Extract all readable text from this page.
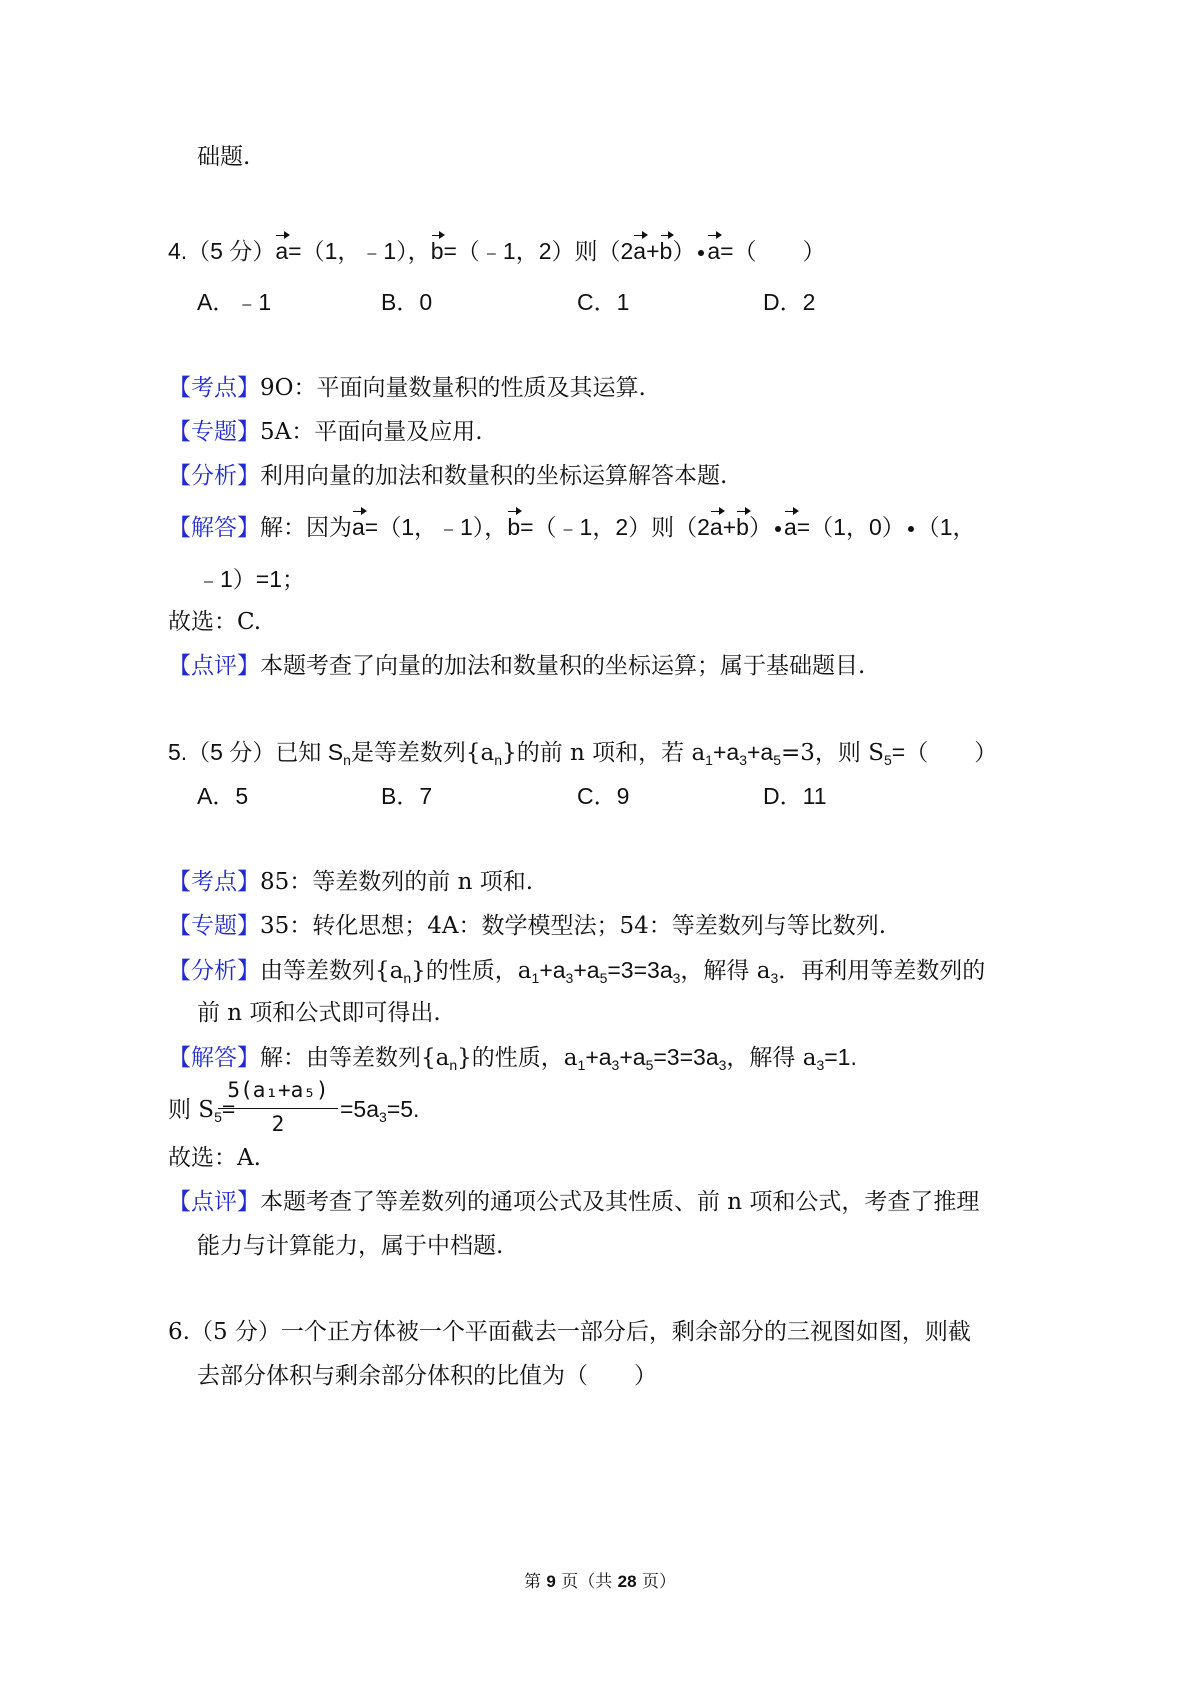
础题.
4.（5 分）a=（1，﹣1），b=（﹣1，2）则（2a+b） a=（　　）
A．﹣1	B．0	C．1	D．2
【考点】9O：平面向量数量积的性质及其运算.
【专题】5A：平面向量及应用.
【分析】利用向量的加法和数量积的坐标运算解答本题.
【解答】解：因为a=（1，﹣1），b=（﹣1，2）则（2a+b） a=（1，0） （1，
﹣1）=1；
故选：C.
【点评】本题考查了向量的加法和数量积的坐标运算；属于基础题目.
5.（5 分）已知 $S_n$是等差数列$\{a_n\}$的前 n 项和，若 $a_1+a_3+a_5=3$，则 $S_5=$（　　）
A．5	B．7	C．9	D．11
【考点】85：等差数列的前 n 项和.
【专题】35：转化思想；4A：数学模型法；54：等差数列与等比数列.
【分析】由等差数列$\{a_n\}$的性质，$a_1+a_3+a_5=3=3a_3$，解得 $a_3$．再利用等差数列的
前 n 项和公式即可得出.
【解答】解：由等差数列$\{a_n\}$的性质，$a_1+a_3+a_5=3=3a_3$，解得 $a_3=1$.
则 $S_5=$
5(a₁+a₅)
2
$=5a_3=5$.
故选：A.
【点评】本题考查了等差数列的通项公式及其性质、前 n 项和公式，考查了推理
能力与计算能力，属于中档题.
6.（5 分）一个正方体被一个平面截去一部分后，剩余部分的三视图如图，则截
去部分体积与剩余部分体积的比值为（　　）
第 9 页（共 28 页）
